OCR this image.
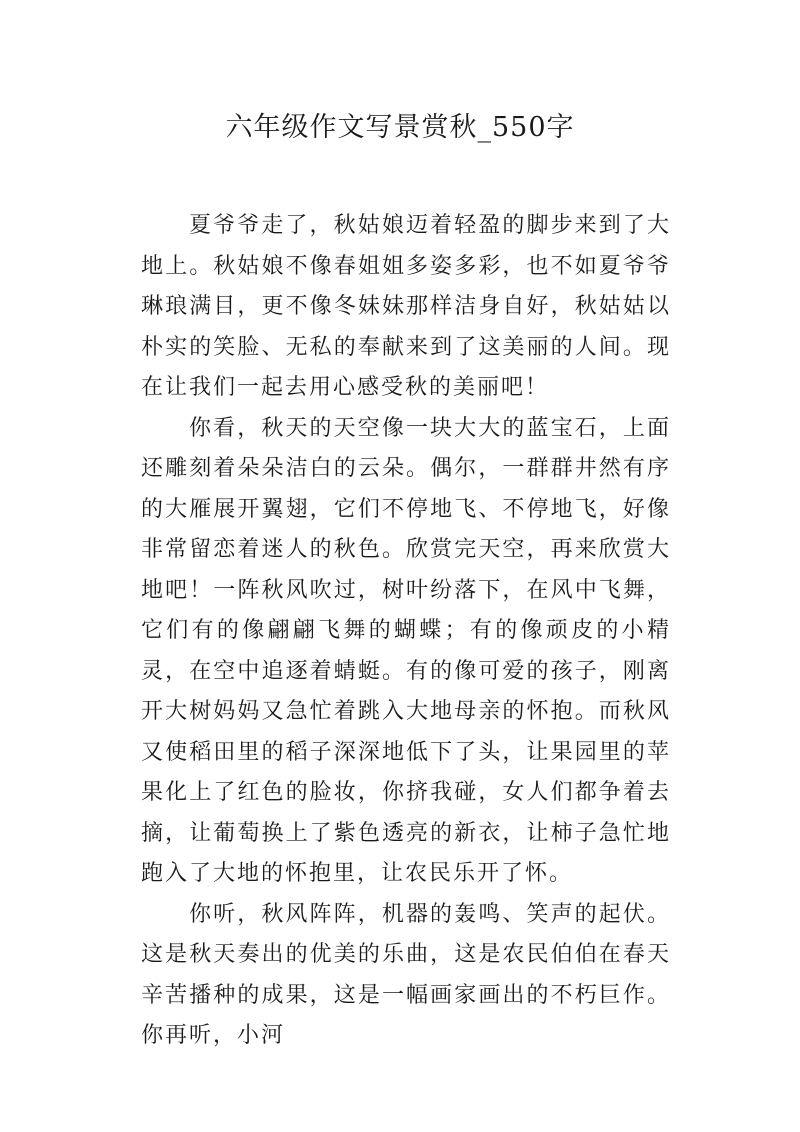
六年级作文写景赏秋_550字

夏爷爷走了，秋姑娘迈着轻盈的脚步来到了大地上。秋姑娘不像春姐姐多姿多彩，也不如夏爷爷琳琅满目，更不像冬妹妹那样洁身自好，秋姑姑以朴实的笑脸、无私的奉献来到了这美丽的人间。现在让我们一起去用心感受秋的美丽吧！

你看，秋天的天空像一块大大的蓝宝石，上面还雕刻着朵朵洁白的云朵。偶尔，一群群井然有序的大雁展开翼翅，它们不停地飞、不停地飞，好像非常留恋着迷人的秋色。欣赏完天空，再来欣赏大地吧！一阵秋风吹过，树叶纷落下，在风中飞舞，它们有的像翩翩飞舞的蝴蝶；有的像顽皮的小精灵，在空中追逐着蜻蜓。有的像可爱的孩子，刚离开大树妈妈又急忙着跳入大地母亲的怀抱。而秋风又使稻田里的稻子深深地低下了头，让果园里的苹果化上了红色的脸妆，你挤我碰，女人们都争着去摘，让葡萄换上了紫色透亮的新衣，让柿子急忙地跑入了大地的怀抱里，让农民乐开了怀。

你听，秋风阵阵，机器的轰鸣、笑声的起伏。这是秋天奏出的优美的乐曲，这是农民伯伯在春天辛苦播种的成果，这是一幅画家画出的不朽巨作。你再听，小河
